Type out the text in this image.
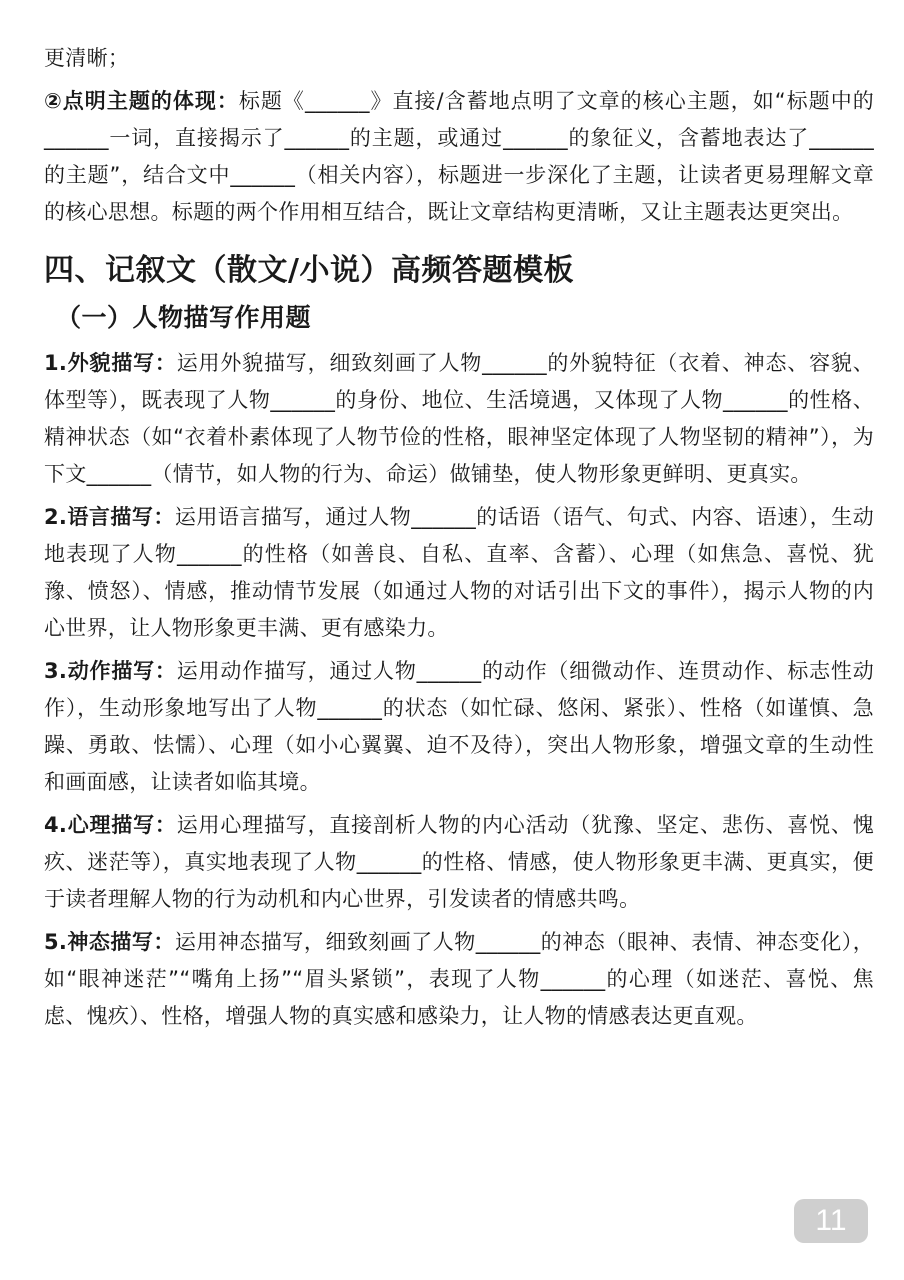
更清晰；

②点明主题的体现：标题《______》直接/含蓄地点明了文章的核心主题，如“标题中的______一词，直接揭示了______的主题，或通过______的象征义，含蓄地表达了______的主题”，结合文中______（相关内容），标题进一步深化了主题，让读者更易理解文章的核心思想。标题的两个作用相互结合，既让文章结构更清晰，又让主题表达更突出。

四、记叙文（散文/小说）高频答题模板
（一）人物描写作用题

1.外貌描写：运用外貌描写，细致刻画了人物______的外貌特征（衣着、神态、容貌、体型等），既表现了人物______的身份、地位、生活境遇，又体现了人物______的性格、精神状态（如“衣着朴素体现了人物节俭的性格，眼神坚定体现了人物坚韧的精神”），为下文______（情节，如人物的行为、命运）做铺垫，使人物形象更鲜明、更真实。

2.语言描写：运用语言描写，通过人物______的话语（语气、句式、内容、语速），生动地表现了人物______的性格（如善良、自私、直率、含蓄）、心理（如焦急、喜悦、犹豫、愤怒）、情感，推动情节发展（如通过人物的对话引出下文的事件），揭示人物的内心世界，让人物形象更丰满、更有感染力。

3.动作描写：运用动作描写，通过人物______的动作（细微动作、连贯动作、标志性动作），生动形象地写出了人物______的状态（如忙碌、悠闲、紧张）、性格（如谨慎、急躁、勇敢、怯懦）、心理（如小心翼翼、迫不及待），突出人物形象，增强文章的生动性和画面感，让读者如临其境。

4.心理描写：运用心理描写，直接剖析人物的内心活动（犹豫、坚定、悲伤、喜悦、愧疚、迷茫等），真实地表现了人物______的性格、情感，使人物形象更丰满、更真实，便于读者理解人物的行为动机和内心世界，引发读者的情感共鸣。

5.神态描写：运用神态描写，细致刻画了人物______的神态（眼神、表情、神态变化），如“眼神迷茫”“嘴角上扬”“眉头紧锁”，表现了人物______的心理（如迷茫、喜悦、焦虑、愧疚）、性格，增强人物的真实感和感染力，让人物的情感表达更直观。

11
